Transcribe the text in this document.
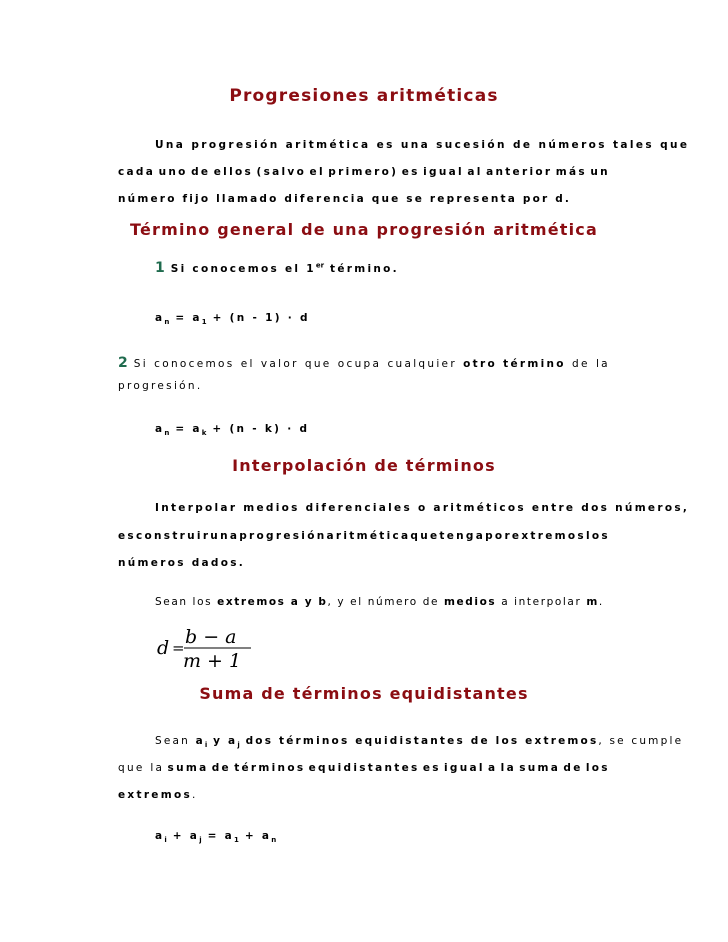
Progresiones aritméticas
Una progresión aritmética es una sucesión de números tales que
cada uno de ellos (salvo el primero) es igual al anterior más un
número fijo llamado diferencia que se representa por d.
Término general de una progresión aritmética
1 Si conocemos el 1er término.
$a_n = a_1 + (n - 1) \cdot d$
2 Si conocemos el valor que ocupa cualquier otro término de la
progresión.
$a_n = a_k + (n - k) \cdot d$
Interpolación de términos
Interpolar medios diferenciales o aritméticos entre dos números,
es construir una progresión aritmética que tenga por extremos los
números dados.
Sean los extremos a y b, y el número de medios a interpolar m.
d = b − a
m + 1
Suma de términos equidistantes
Sean $a_i$ y $a_j$ dos términos equidistantes de los extremos, se cumple
que la suma de términos equidistantes es igual a la suma de los
extremos.
$a_i + a_j = a_1 + a_n$
